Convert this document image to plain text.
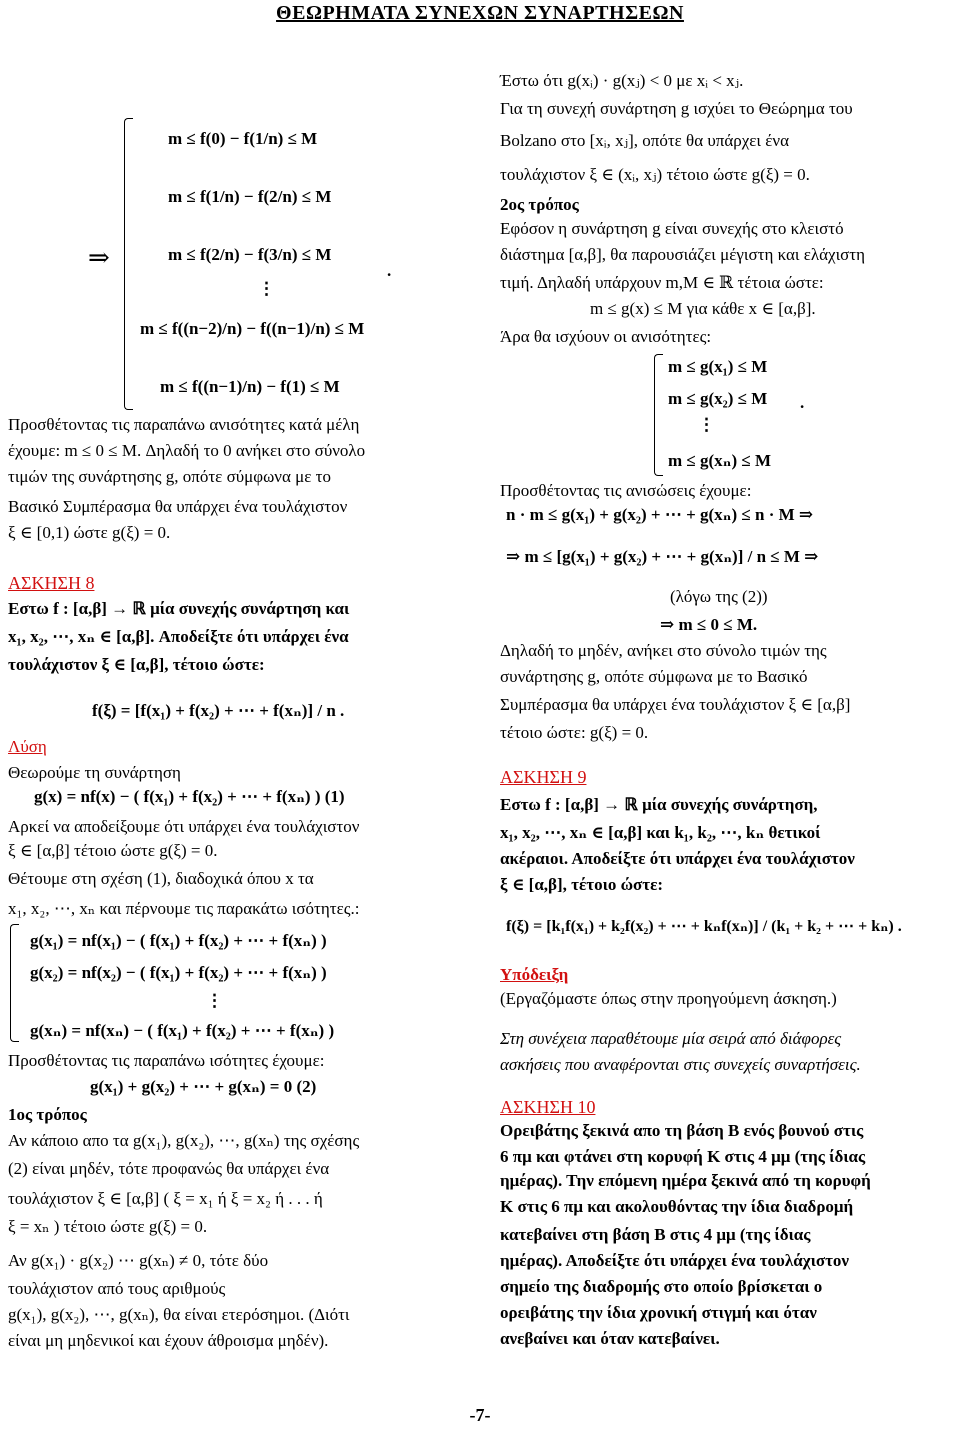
ΘΕΩΡΗΜΑΤΑ ΣΥΝΕΧΩΝ ΣΥΝΑΡΤΗΣΕΩΝ
⇒
m ≤ f(0) − f(1/n) ≤ M
m ≤ f(1/n) − f(2/n) ≤ M
m ≤ f(2/n) − f(3/n) ≤ M
⋮
m ≤ f((n−2)/n) − f((n−1)/n) ≤ M
m ≤ f((n−1)/n) − f(1) ≤ M
.
Προσθέτοντας τις παραπάνω ανισότητες κατά μέλη
έχουμε: m ≤ 0 ≤ M. Δηλαδή το 0 ανήκει στο σύνολο
τιμών της συνάρτησης g, οπότε σύμφωνα με το
Βασικό Συμπέρασμα θα υπάρχει ένα τουλάχιστον
ξ ∈ [0,1) ώστε g(ξ) = 0.
ΑΣΚΗΣΗ 8
Εστω f : [α,β] → ℝ μία συνεχής συνάρτηση και
x₁, x₂, ⋯, xₙ ∈ [α,β]. Αποδείξτε ότι υπάρχει ένα
τουλάχιστον ξ ∈ [α,β], τέτοιο ώστε:
f(ξ) = [f(x₁) + f(x₂) + ⋯ + f(xₙ)] / n .
Λύση
Θεωρούμε τη συνάρτηση
g(x) = nf(x) − ( f(x₁) + f(x₂) + ⋯ + f(xₙ) ) (1)
Αρκεί να αποδείξουμε ότι υπάρχει ένα τουλάχιστον
ξ ∈ [α,β] τέτοιο ώστε g(ξ) = 0.
Θέτουμε στη σχέση (1), διαδοχικά όπου x τα
x₁, x₂, ⋯, xₙ και πέρνουμε τις παρακάτω ισότητες.:
g(x₁) = nf(x₁) − ( f(x₁) + f(x₂) + ⋯ + f(xₙ) )
g(x₂) = nf(x₂) − ( f(x₁) + f(x₂) + ⋯ + f(xₙ) )
⋮
g(xₙ) = nf(xₙ) − ( f(x₁) + f(x₂) + ⋯ + f(xₙ) )
Προσθέτοντας τις παραπάνω ισότητες έχουμε:
g(x₁) + g(x₂) + ⋯ + g(xₙ) = 0 (2)
1ος τρόπος
Αν κάποιο απο τα g(x₁), g(x₂), ⋯, g(xₙ) της σχέσης
(2) είναι μηδέν, τότε προφανώς θα υπάρχει ένα
τουλάχιστον ξ ∈ [α,β] ( ξ = x₁ ή ξ = x₂ ή . . . ή
ξ = xₙ ) τέτοιο ώστε g(ξ) = 0.
Αν g(x₁) · g(x₂) ⋯ g(xₙ) ≠ 0, τότε δύο
τουλάχιστον από τους αριθμούς
g(x₁), g(x₂), ⋯, g(xₙ), θα είναι ετερόσημοι. (Διότι
είναι μη μηδενικοί και έχουν άθροισμα μηδέν).
Έστω ότι g(xᵢ) · g(xⱼ) < 0 με xᵢ < xⱼ.
Για τη συνεχή συνάρτηση g ισχύει το Θεώρημα του
Bolzano στο [xᵢ, xⱼ], οπότε θα υπάρχει ένα
τουλάχιστον ξ ∈ (xᵢ, xⱼ) τέτοιο ώστε g(ξ) = 0.
2ος τρόπος
Εφόσον η συνάρτηση g είναι συνεχής στο κλειστό
διάστημα [α,β], θα παρουσιάζει μέγιστη και ελάχιστη
τιμή. Δηλαδή υπάρχουν m,M ∈ ℝ τέτοια ώστε:
m ≤ g(x) ≤ M για κάθε x ∈ [α,β].
Άρα θα ισχύουν οι ανισότητες:
m ≤ g(x₁) ≤ M
m ≤ g(x₂) ≤ M
⋮
m ≤ g(xₙ) ≤ M
.
Προσθέτοντας τις ανισώσεις έχουμε:
n · m ≤ g(x₁) + g(x₂) + ⋯ + g(xₙ) ≤ n · M ⇒
⇒ m ≤ [g(x₁) + g(x₂) + ⋯ + g(xₙ)] / n ≤ M ⇒
(λόγω της (2))
⇒ m ≤ 0 ≤ M.
Δηλαδή το μηδέν, ανήκει στο σύνολο τιμών της
συνάρτησης g, οπότε σύμφωνα με το Βασικό
Συμπέρασμα θα υπάρχει ένα τουλάχιστον ξ ∈ [α,β]
τέτοιο ώστε: g(ξ) = 0.
ΑΣΚΗΣΗ 9
Εστω f : [α,β] → ℝ μία συνεχής συνάρτηση,
x₁, x₂, ⋯, xₙ ∈ [α,β] και k₁, k₂, ⋯, kₙ θετικοί
ακέραιοι. Αποδείξτε ότι υπάρχει ένα τουλάχιστον
ξ ∈ [α,β], τέτοιο ώστε:
f(ξ) = [k₁f(x₁) + k₂f(x₂) + ⋯ + kₙf(xₙ)] / (k₁ + k₂ + ⋯ + kₙ) .
Υπόδειξη
(Εργαζόμαστε όπως στην προηγούμενη άσκηση.)
Στη συνέχεια παραθέτουμε μία σειρά από διάφορες
ασκήσεις που αναφέρονται στις συνεχείς συναρτήσεις.
ΑΣΚΗΣΗ 10
Ορειβάτης ξεκινά απο τη βάση B ενός βουνού στις
6 πμ και φτάνει στη κορυφή K στις 4 μμ (της ίδιας
ημέρας). Την επόμενη ημέρα ξεκινά από τη κορυφή
K στις 6 πμ και ακολουθόντας την ίδια διαδρομή
κατεβαίνει στη βάση B στις 4 μμ (της ίδιας
ημέρας). Αποδείξτε ότι υπάρχει ένα τουλάχιστον
σημείο της διαδρομής στο οποίο βρίσκεται ο
ορειβάτης την ίδια χρονική στιγμή και όταν
ανεβαίνει και όταν κατεβαίνει.
-7-
